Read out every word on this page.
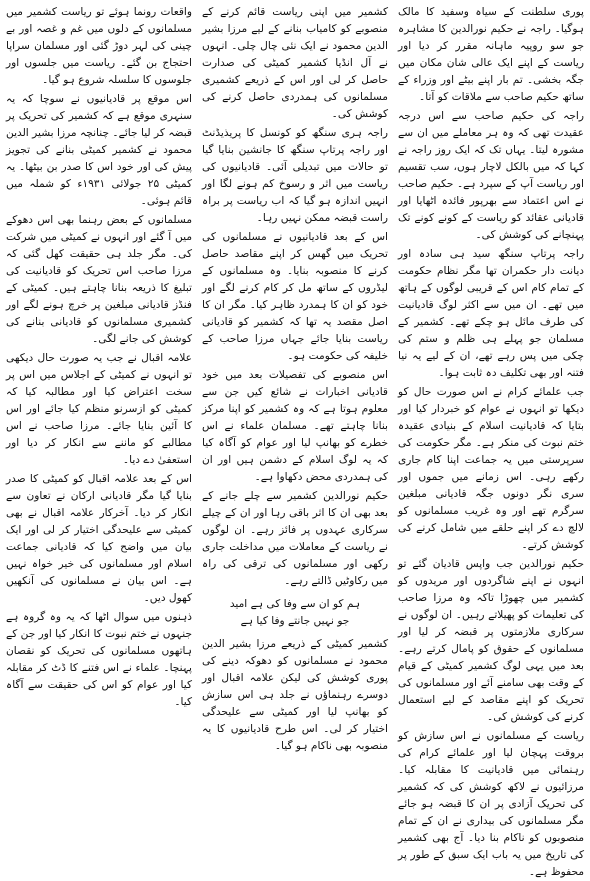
پوری سلطنت کے سیاہ وسفید کا مالک ہوگیا۔ راجہ نے حکیم نورالدین کا مشاہرہ جو سو روپیہ ماہانہ مقرر کر دیا اور ریاست کے اپنے ایک عالی شان مکان میں جگہ بخشی۔ تم بار اپنے بیٹے اور وزراء کے ساتھ حکیم صاحب سے ملاقات کو آتا۔

راجہ کی حکیم صاحب سے اس درجہ عقیدت تھی کہ وہ ہر معاملے میں ان سے مشورہ لیتا۔ یہاں تک کہ ایک روز راجہ نے کہا کہ میں بالکل لاچار ہوں، سب تقسیم اور ریاست آپ کے سپرد ہے۔ حکیم صاحب نے اس اعتماد سے بھرپور فائدہ اٹھایا اور قادیانی عقائد کو ریاست کے کونے کونے تک پہنچانے کی کوشش کی۔

راجہ پرتاپ سنگھ سید ہی سادہ اور دیانت دار حکمران تھا مگر نظام حکومت کے تمام کام اس کے قریبی لوگوں کے ہاتھ میں تھے۔ ان میں سے اکثر لوگ قادیانیت کی طرف مائل ہو چکے تھے۔ کشمیر کے مسلمان جو پہلے ہی ظلم و ستم کی چکی میں پس رہے تھے، ان کے لیے یہ نیا فتنہ اور بھی تکلیف دہ ثابت ہوا۔

جب علمائے کرام نے اس صورت حال کو دیکھا تو انہوں نے عوام کو خبردار کیا اور بتایا کہ قادیانیت اسلام کے بنیادی عقیدہ ختم نبوت کی منکر ہے۔ مگر حکومت کی سرپرستی میں یہ جماعت اپنا کام جاری رکھے رہی۔ اس زمانے میں جموں اور سری نگر دونوں جگہ قادیانی مبلغین سرگرم تھے اور وہ غریب مسلمانوں کو لالچ دے کر اپنے حلقے میں شامل کرنے کی کوشش کرتے۔

حکیم نورالدین جب واپس قادیان گئے تو انہوں نے اپنے شاگردوں اور مریدوں کو کشمیر میں چھوڑا تاکہ وہ مرزا صاحب کی تعلیمات کو پھیلاتے رہیں۔ ان لوگوں نے سرکاری ملازمتوں پر قبضہ کر لیا اور مسلمانوں کے حقوق کو پامال کرتے رہے۔ بعد میں یہی لوگ کشمیر کمیٹی کے قیام کے وقت بھی سامنے آئے اور مسلمانوں کی تحریک کو اپنے مقاصد کے لیے استعمال کرنے کی کوشش کی۔

ریاست کے مسلمانوں نے اس سازش کو بروقت پہچان لیا اور علمائے کرام کی رہنمائی میں قادیانیت کا مقابلہ کیا۔ مرزائیوں نے لاکھ کوشش کی کہ کشمیر کی تحریک آزادی پر ان کا قبضہ ہو جائے مگر مسلمانوں کی بیداری نے ان کے تمام منصوبوں کو ناکام بنا دیا۔ آج بھی کشمیر کی تاریخ میں یہ باب ایک سبق کے طور پر محفوظ ہے۔

کشمیر میں اپنی ریاست قائم کرنے کے منصوبے کو کامیاب بنانے کے لیے مرزا بشیر الدین محمود نے ایک نئی چال چلی۔ انہوں نے آل انڈیا کشمیر کمیٹی کی صدارت حاصل کر لی اور اس کے ذریعے کشمیری مسلمانوں کی ہمدردی حاصل کرنے کی کوشش کی۔

راجہ ہری سنگھ کو کونسل کا پریذیڈنٹ اور راجہ پرتاپ سنگھ کا جانشین بنایا گیا تو حالات میں تبدیلی آئی۔ قادیانیوں کی ریاست میں اثر و رسوخ کم ہونے لگا اور انہیں اندازہ ہو گیا کہ اب ریاست پر براہ راست قبضہ ممکن نہیں رہا۔

اس کے بعد قادیانیوں نے مسلمانوں کی تحریک میں گھس کر اپنے مقاصد حاصل کرنے کا منصوبہ بنایا۔ وہ مسلمانوں کے لیڈروں کے ساتھ مل کر کام کرنے لگے اور خود کو ان کا ہمدرد ظاہر کیا۔ مگر ان کا اصل مقصد یہ تھا کہ کشمیر کو قادیانی ریاست بنایا جائے جہاں مرزا صاحب کے خلیفہ کی حکومت ہو۔

اس منصوبے کی تفصیلات بعد میں خود قادیانی اخبارات نے شائع کیں جن سے معلوم ہوتا ہے کہ وہ کشمیر کو اپنا مرکز بنانا چاہتے تھے۔ مسلمان علماء نے اس خطرے کو بھانپ لیا اور عوام کو آگاہ کیا کہ یہ لوگ اسلام کے دشمن ہیں اور ان کی ہمدردی محض دکھاوا ہے۔

حکیم نورالدین کشمیر سے چلے جانے کے بعد بھی ان کا اثر باقی رہا اور ان کے چیلے سرکاری عہدوں پر فائز رہے۔ ان لوگوں نے ریاست کے معاملات میں مداخلت جاری رکھی اور مسلمانوں کی ترقی کی راہ میں رکاوٹیں ڈالتے رہے۔

ہم کو ان سے وفا کی ہے امید
جو نہیں جانتے وفا کیا ہے

کشمیر کمیٹی کے ذریعے مرزا بشیر الدین محمود نے مسلمانوں کو دھوکہ دینے کی پوری کوشش کی لیکن علامہ اقبال اور دوسرے رہنماؤں نے جلد ہی اس سازش کو بھانپ لیا اور کمیٹی سے علیحدگی اختیار کر لی۔ اس طرح قادیانیوں کا یہ منصوبہ بھی ناکام ہو گیا۔

واقعات رونما ہوئے تو ریاست کشمیر میں مسلمانوں کے دلوں میں غم و غصہ اور بے چینی کی لہر دوڑ گئی اور مسلمان سراپا احتجاج بن گئے۔ ریاست میں جلسوں اور جلوسوں کا سلسلہ شروع ہو گیا۔

اس موقع پر قادیانیوں نے سوچا کہ یہ سنہری موقع ہے کہ کشمیر کی تحریک پر قبضہ کر لیا جائے۔ چنانچہ مرزا بشیر الدین محمود نے کشمیر کمیٹی بنانے کی تجویز پیش کی اور خود اس کا صدر بن بیٹھا۔ یہ کمیٹی ۲۵ جولائی ۱۹۳۱ء کو شملہ میں قائم ہوئی۔

مسلمانوں کے بعض رہنما بھی اس دھوکے میں آ گئے اور انہوں نے کمیٹی میں شرکت کی۔ مگر جلد ہی حقیقت کھل گئی کہ مرزا صاحب اس تحریک کو قادیانیت کی تبلیغ کا ذریعہ بنانا چاہتے ہیں۔ کمیٹی کے فنڈز قادیانی مبلغین پر خرچ ہونے لگے اور کشمیری مسلمانوں کو قادیانی بنانے کی کوشش کی جانے لگی۔

علامہ اقبال نے جب یہ صورت حال دیکھی تو انہوں نے کمیٹی کے اجلاس میں اس پر سخت اعتراض کیا اور مطالبہ کیا کہ کمیٹی کو ازسرنو منظم کیا جائے اور اس کا آئین بنایا جائے۔ مرزا صاحب نے اس مطالبے کو ماننے سے انکار کر دیا اور استعفیٰ دے دیا۔

اس کے بعد علامہ اقبال کو کمیٹی کا صدر بنایا گیا مگر قادیانی ارکان نے تعاون سے انکار کر دیا۔ آخرکار علامہ اقبال نے بھی کمیٹی سے علیحدگی اختیار کر لی اور ایک بیان میں واضح کیا کہ قادیانی جماعت اسلام اور مسلمانوں کی خیر خواہ نہیں ہے۔ اس بیان نے مسلمانوں کی آنکھیں کھول دیں۔

ذہنوں میں سوال اٹھا کہ یہ وہ گروہ ہے جنہوں نے ختم نبوت کا انکار کیا اور جن کے ہاتھوں مسلمانوں کی تحریک کو نقصان پہنچا۔ علماء نے اس فتنے کا ڈٹ کر مقابلہ کیا اور عوام کو اس کی حقیقت سے آگاہ کیا۔
